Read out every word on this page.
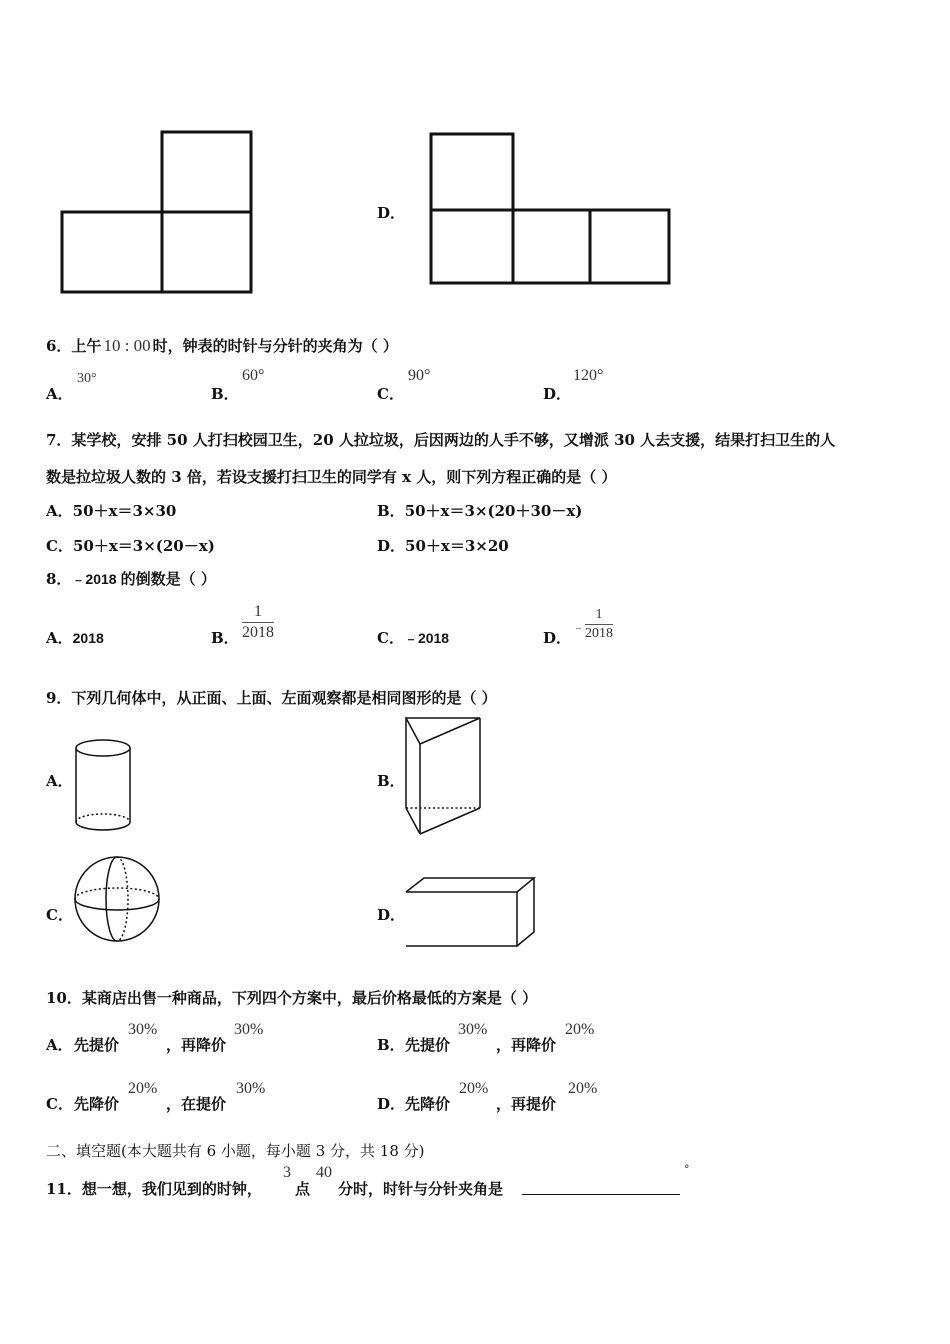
D．
6．上午 10 : 00 时，钟表的时针与分针的夹角为（ ）
A．
30°
B．
60°
C．
90°
D．
120°
7．某学校，安排 50 人打扫校园卫生，20 人拉垃圾，后因两边的人手不够，又增派 30 人去支援，结果打扫卫生的人
数是拉垃圾人数的 3 倍，若设支援打扫卫生的同学有 x 人，则下列方程正确的是（ ）
A．50＋x＝3×30	B．50＋x＝3×(20＋30－x)
C．50＋x＝3×(20－x)	D．50＋x＝3×20
8．﹣2018 的倒数是（ ）
A．2018	B． $\frac{1}{2018}$	C．﹣2018	D．
﹣ $\frac{1}{2018}$
9．下列几何体中，从正面、上面、左面观察都是相同图形的是（ ）
A．	B．
C．	D．
10．某商店出售一种商品，下列四个方案中，最后价格最低的方案是（ ）
A． 先提价
30%
，再降价
30%
B． 先提价
30%
，再降价
20%
C． 先降价
20%
，在提价
30%
D． 先降价
20%
，再提价
20%
二、填空题(本大题共有 6 小题，每小题 3 分，共 18 分)
11．想一想，我们见到的时钟，
3
点
40
分时，时针与分针夹角是
°
